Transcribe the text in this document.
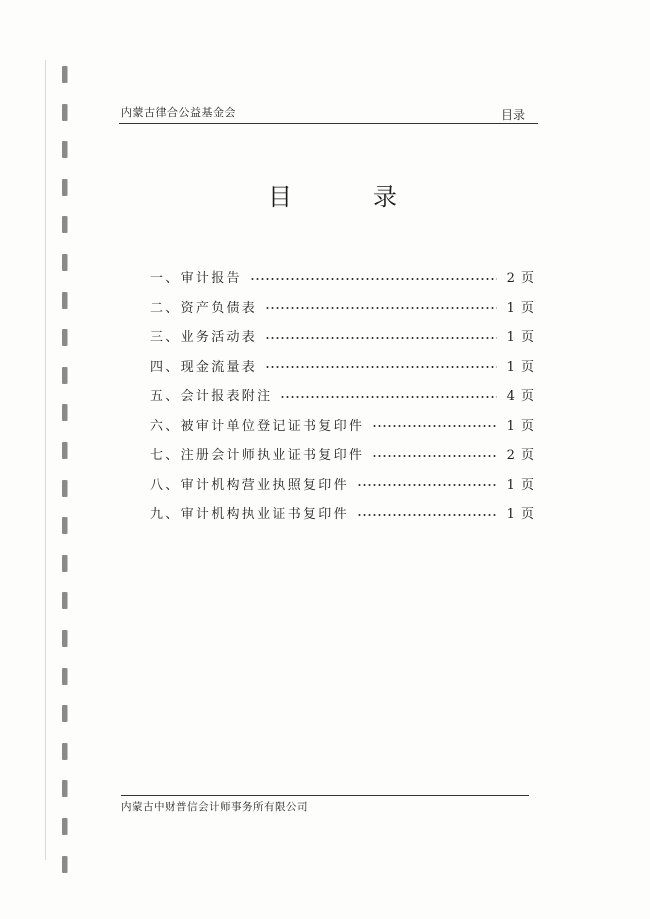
内蒙古律合公益基金会	目录
目	录
一、审计报告	2 页
二、资产负债表	1 页
三、业务活动表	1 页
四、现金流量表	1 页
五、会计报表附注	4 页
六、被审计单位登记证书复印件	1 页
七、注册会计师执业证书复印件	2 页
八、审计机构营业执照复印件	1 页
九、审计机构执业证书复印件	1 页
内蒙古中财普信会计师事务所有限公司
